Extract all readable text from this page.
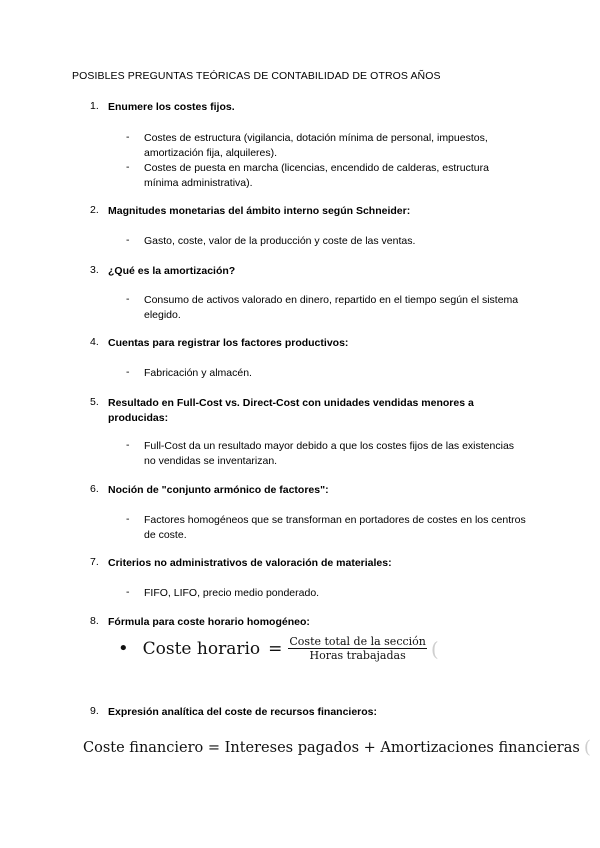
POSIBLES PREGUNTAS TEÓRICAS DE CONTABILIDAD DE OTROS AÑOS
1. Enumere los costes fijos.
-	Costes de estructura (vigilancia, dotación mínima de personal, impuestos, amortización fija, alquileres).
-	Costes de puesta en marcha (licencias, encendido de calderas, estructura mínima administrativa).
2. Magnitudes monetarias del ámbito interno según Schneider:
-	Gasto, coste, valor de la producción y coste de las ventas.
3. ¿Qué es la amortización?
-	Consumo de activos valorado en dinero, repartido en el tiempo según el sistema elegido.
4. Cuentas para registrar los factores productivos:
-	Fabricación y almacén.
5. Resultado en Full-Cost vs. Direct-Cost con unidades vendidas menores a producidas:
-	Full-Cost da un resultado mayor debido a que los costes fijos de las existencias no vendidas se inventarizan.
6. Noción de "conjunto armónico de factores":
-	Factores homogéneos que se transforman en portadores de costes en los centros de coste.
7. Criterios no administrativos de valoración de materiales:
-	FIFO, LIFO, precio medio ponderado.
8. Fórmula para coste horario homogéneo:
• Coste horario = $\frac{\text{Coste total de la sección}}{\text{Horas trabajadas}}$ (
9. Expresión analítica del coste de recursos financieros:
Coste financiero = Intereses pagados + Amortizaciones financieras (
